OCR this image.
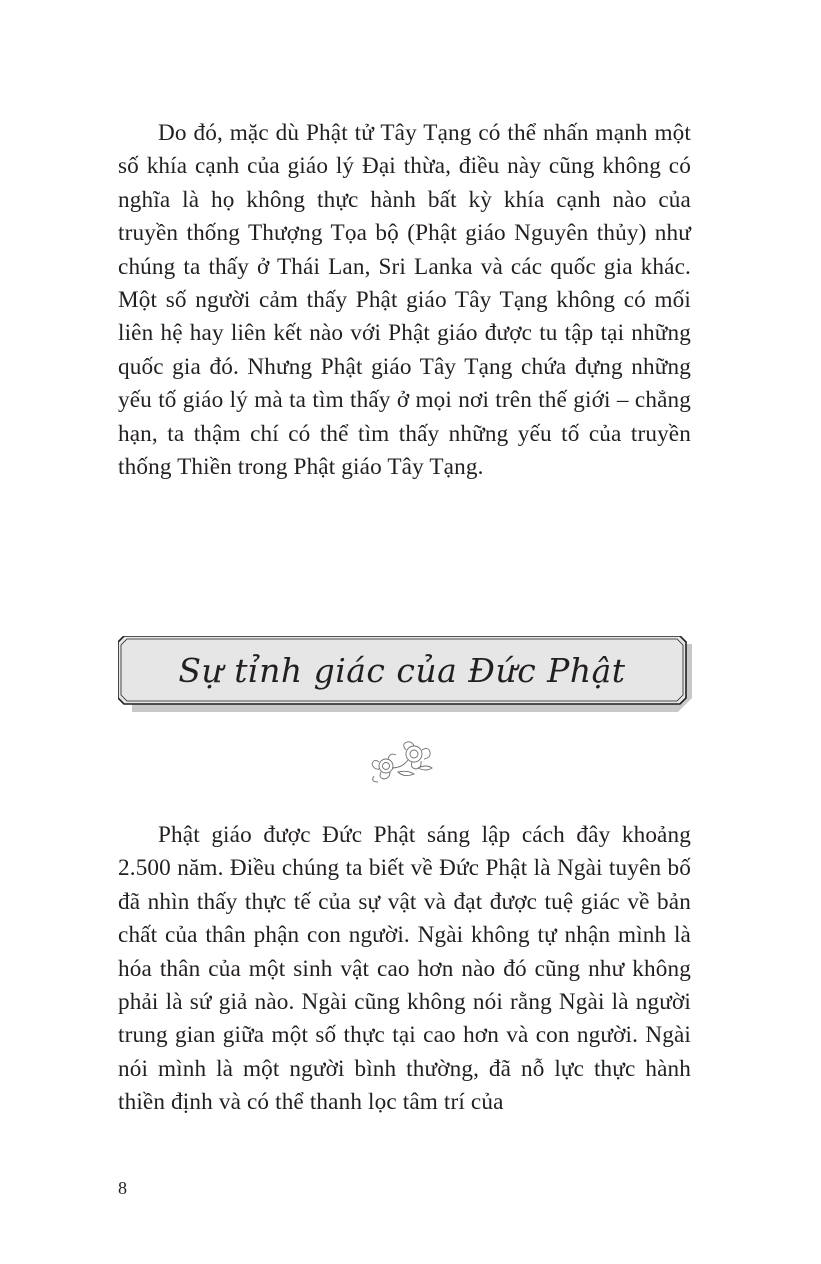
Do đó, mặc dù Phật tử Tây Tạng có thể nhấn mạnh một số khía cạnh của giáo lý Đại thừa, điều này cũng không có nghĩa là họ không thực hành bất kỳ khía cạnh nào của truyền thống Thượng Tọa bộ (Phật giáo Nguyên thủy) như chúng ta thấy ở Thái Lan, Sri Lanka và các quốc gia khác. Một số người cảm thấy Phật giáo Tây Tạng không có mối liên hệ hay liên kết nào với Phật giáo được tu tập tại những quốc gia đó. Nhưng Phật giáo Tây Tạng chứa đựng những yếu tố giáo lý mà ta tìm thấy ở mọi nơi trên thế giới – chẳng hạn, ta thậm chí có thể tìm thấy những yếu tố của truyền thống Thiền trong Phật giáo Tây Tạng.

Sự tỉnh giác của Đức Phật

Phật giáo được Đức Phật sáng lập cách đây khoảng 2.500 năm. Điều chúng ta biết về Đức Phật là Ngài tuyên bố đã nhìn thấy thực tế của sự vật và đạt được tuệ giác về bản chất của thân phận con người. Ngài không tự nhận mình là hóa thân của một sinh vật cao hơn nào đó cũng như không phải là sứ giả nào. Ngài cũng không nói rằng Ngài là người trung gian giữa một số thực tại cao hơn và con người. Ngài nói mình là một người bình thường, đã nỗ lực thực hành thiền định và có thể thanh lọc tâm trí của

8
